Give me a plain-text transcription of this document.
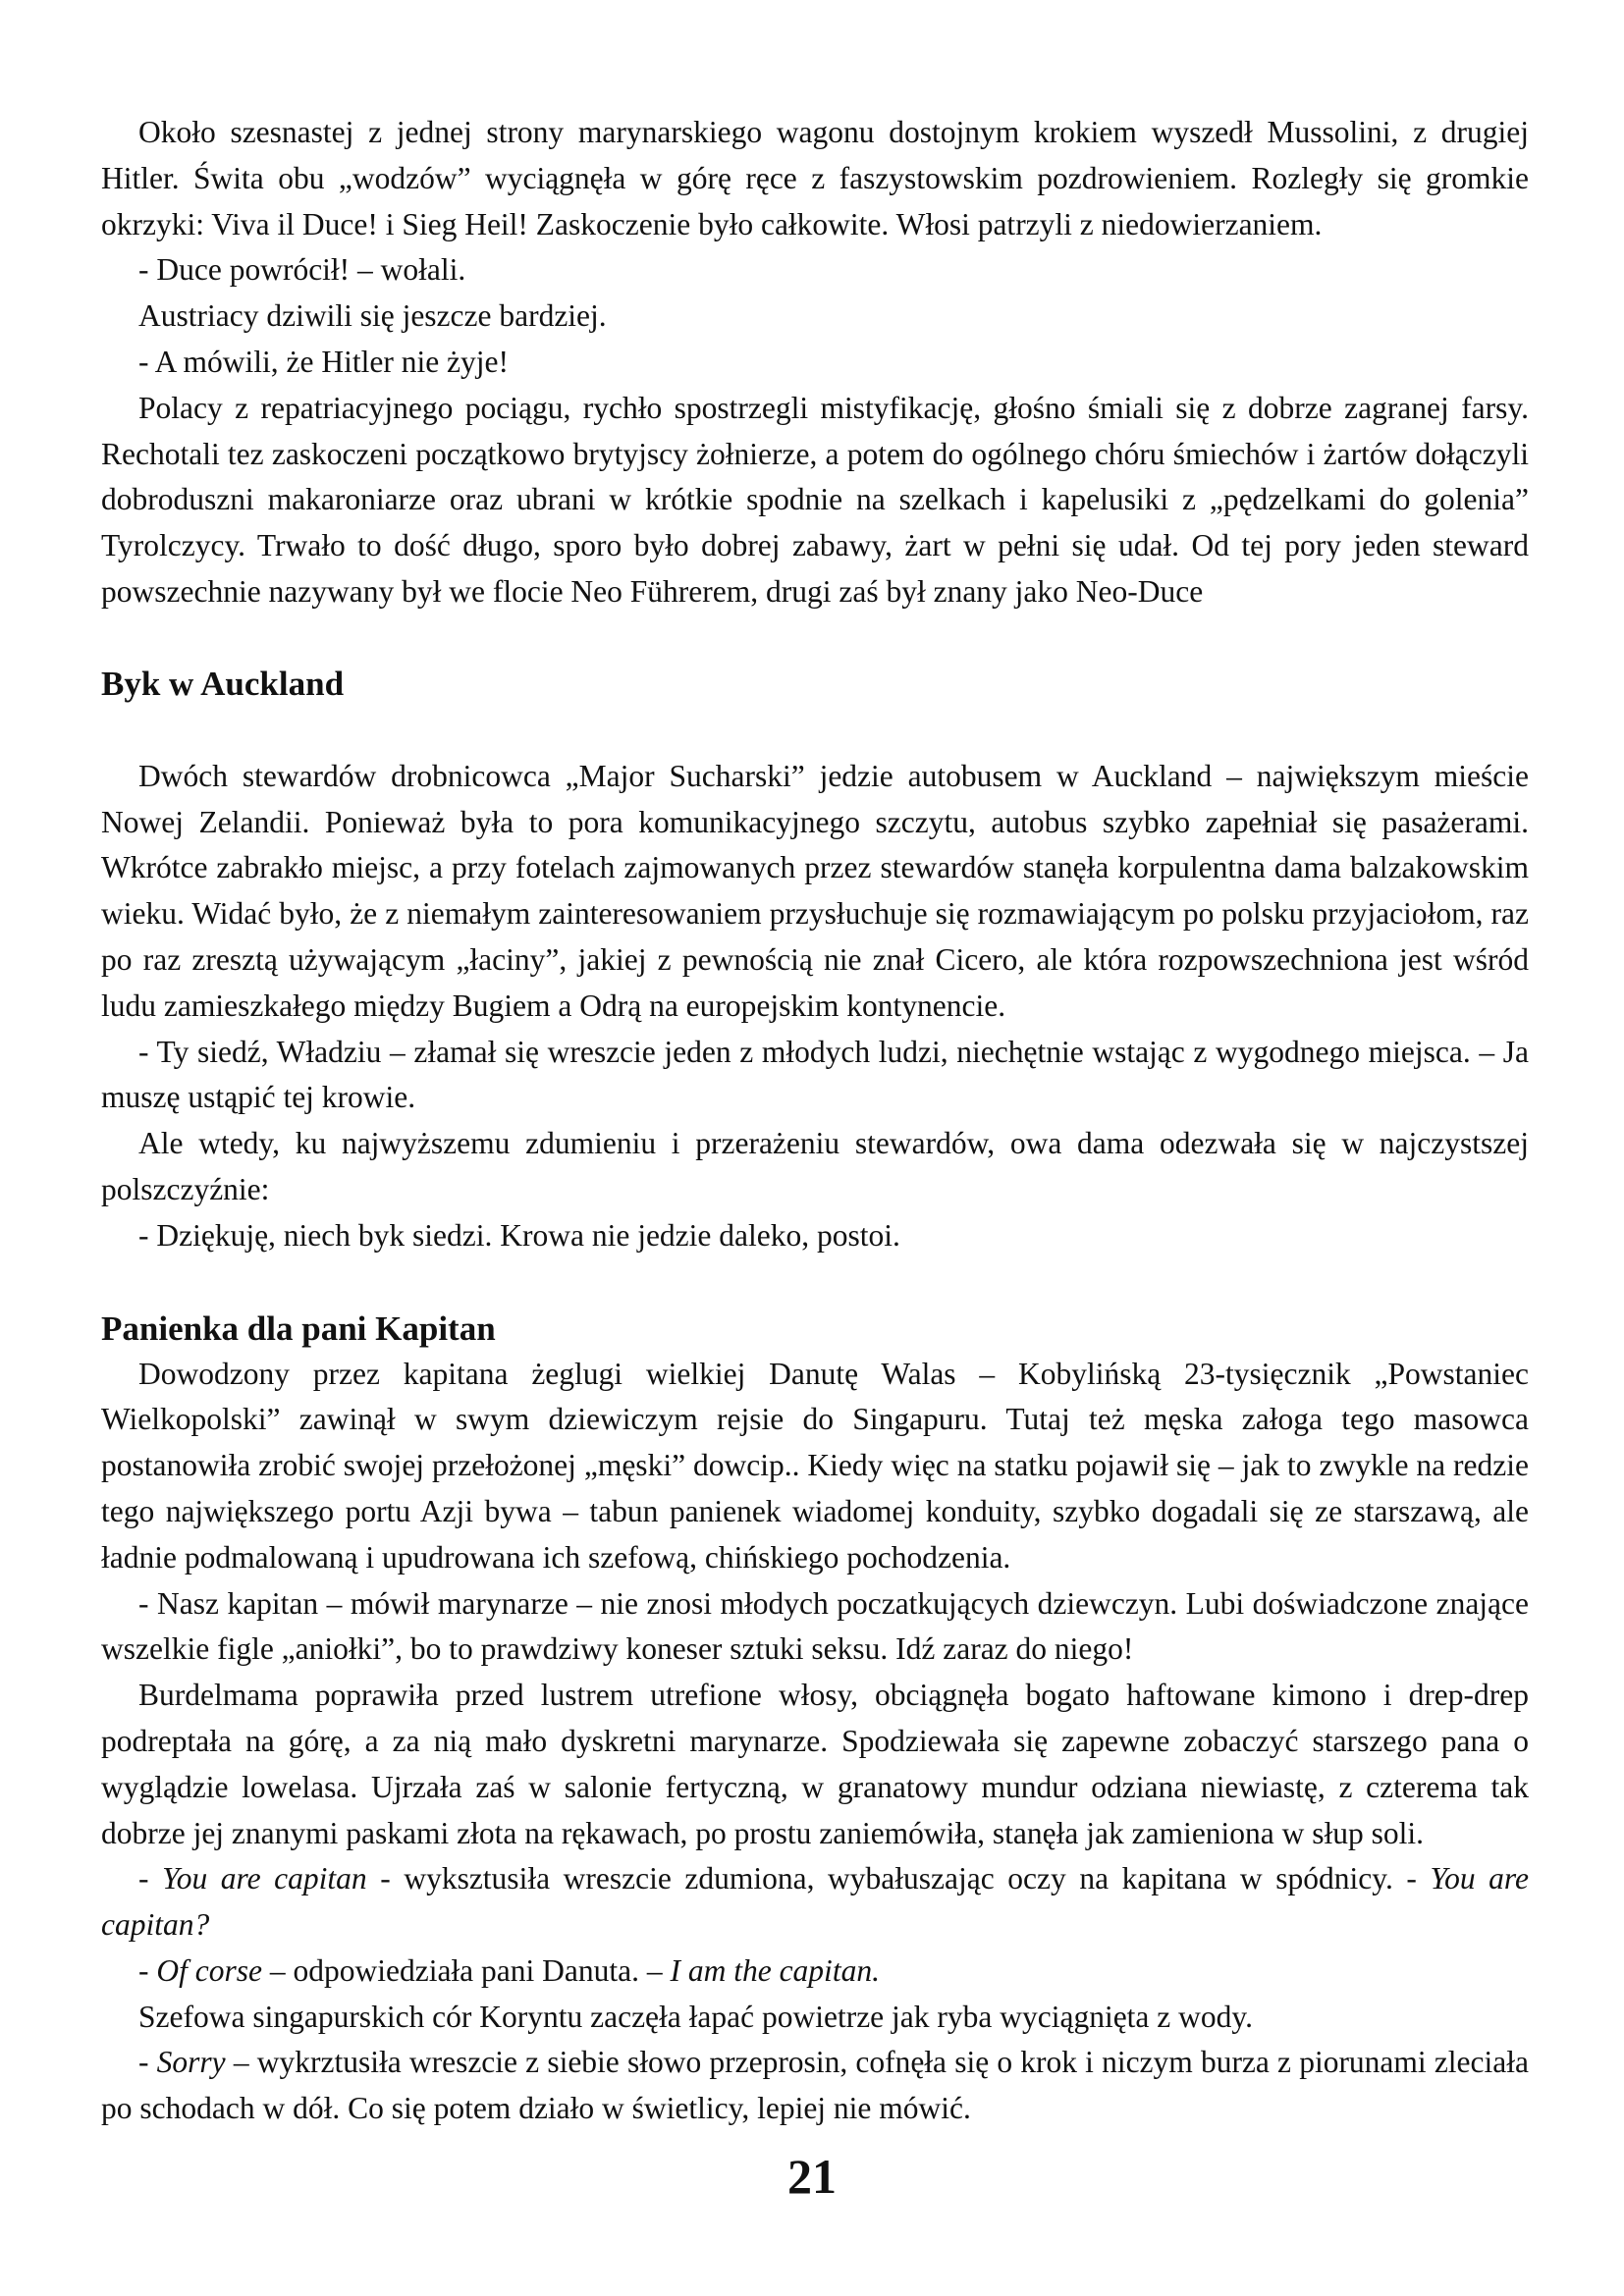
Około szesnastej z jednej strony marynarskiego wagonu dostojnym krokiem wyszedł Mussolini, z drugiej Hitler. Świta obu „wodzów” wyciągnęła w górę ręce z faszystowskim pozdrowieniem. Rozległy się gromkie okrzyki: Viva il Duce! i Sieg Heil! Zaskoczenie było całkowite. Włosi patrzyli z niedowierzaniem.

- Duce powrócił! – wołali.

Austriacy dziwili się jeszcze bardziej.

- A mówili, że Hitler nie żyje!

Polacy z repatriacyjnego pociągu, rychło spostrzegli mistyfikację, głośno śmiali się z dobrze zagranej farsy. Rechotali tez zaskoczeni początkowo brytyjscy żołnierze, a potem do ogólnego chóru śmiechów i żartów dołączyli dobroduszni makaroniarze oraz ubrani w krótkie spodnie na szelkach i kapelusiki z „pędzelkami do golenia” Tyrolczycy. Trwało to dość długo, sporo było dobrej zabawy, żart w pełni się udał. Od tej pory jeden steward powszechnie nazywany był we flocie Neo Führerem, drugi zaś był znany jako Neo-Duce

Byk w Auckland

Dwóch stewardów drobnicowca „Major Sucharski” jedzie autobusem w Auckland – największym mieście Nowej Zelandii. Ponieważ była to pora komunikacyjnego szczytu, autobus szybko zapełniał się pasażerami. Wkrótce zabrakło miejsc, a przy fotelach zajmowanych przez stewardów stanęła korpulentna dama balzakowskim wieku. Widać było, że z niemałym zainteresowaniem przysłuchuje się rozmawiającym po polsku przyjaciołom, raz po raz zresztą używającym „łaciny”, jakiej z pewnością nie znał Cicero, ale która rozpowszechniona jest wśród ludu zamieszkałego między Bugiem a Odrą na europejskim kontynencie.

- Ty siedź, Władziu – złamał się wreszcie jeden z młodych ludzi, niechętnie wstając z wygodnego miejsca. – Ja muszę ustąpić tej krowie.

Ale wtedy, ku najwyższemu zdumieniu i przerażeniu stewardów, owa dama odezwała się w najczystszej polszczyźnie:

- Dziękuję, niech byk siedzi. Krowa nie jedzie daleko, postoi.

Panienka dla pani Kapitan

Dowodzony przez kapitana żeglugi wielkiej Danutę Walas – Kobylińską 23-tysięcznik „Powstaniec Wielkopolski” zawinął w swym dziewiczym rejsie do Singapuru. Tutaj też męska załoga tego masowca postanowiła zrobić swojej przełożonej „męski” dowcip.. Kiedy więc na statku pojawił się – jak to zwykle na redzie tego największego portu Azji bywa – tabun panienek wiadomej konduity, szybko dogadali się ze starszawą, ale ładnie podmalowaną i upudrowana ich szefową, chińskiego pochodzenia.

- Nasz kapitan – mówił marynarze – nie znosi młodych poczatkujących dziewczyn. Lubi doświadczone znające wszelkie figle „aniołki”, bo to prawdziwy koneser sztuki seksu. Idź zaraz do niego!

Burdelmama poprawiła przed lustrem utrefione włosy, obciągnęła bogato haftowane kimono i drep-drep podreptała na górę, a za nią mało dyskretni marynarze. Spodziewała się zapewne zobaczyć starszego pana o wyglądzie lowelasa. Ujrzała zaś w salonie fertyczną, w granatowy mundur odziana niewiastę, z czterema tak dobrze jej znanymi paskami złota na rękawach, po prostu zaniemówiła, stanęła jak zamieniona w słup soli.

- You are capitan - wyksztusiła wreszcie zdumiona, wybałuszając oczy na kapitana w spódnicy. - You are capitan?

- Of corse – odpowiedziała pani Danuta. – I am the capitan.

Szefowa singapurskich cór Koryntu zaczęła łapać powietrze jak ryba wyciągnięta z wody.

- Sorry – wykrztusiła wreszcie z siebie słowo przeprosin, cofnęła się o krok i niczym burza z piorunami zleciała po schodach w dół. Co się potem działo w świetlicy, lepiej nie mówić.

21
